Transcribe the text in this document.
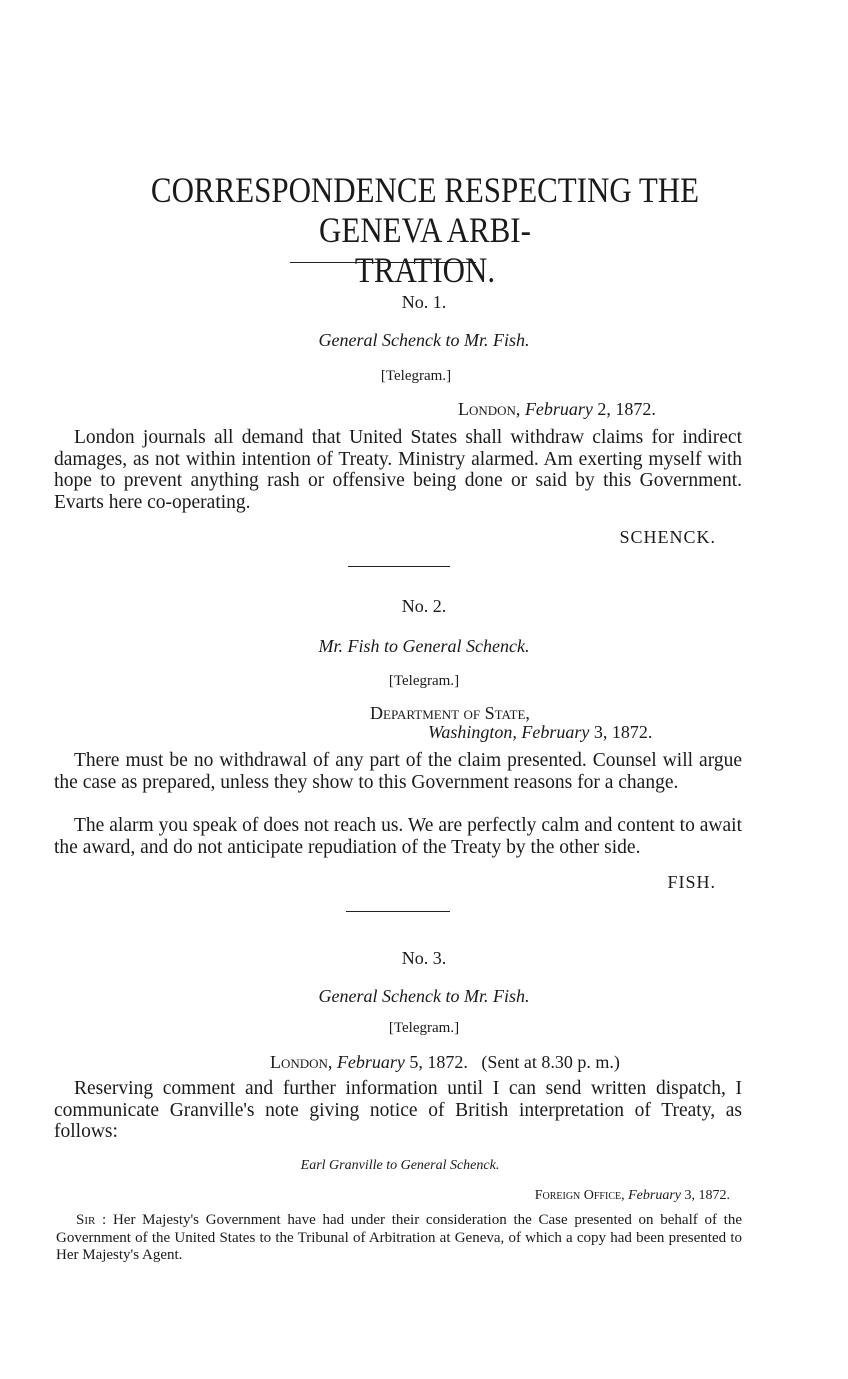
CORRESPONDENCE RESPECTING THE GENEVA ARBI-
TRATION.
No. 1.
General Schenck to Mr. Fish.
[Telegram.]
London, February 2, 1872.
London journals all demand that United States shall withdraw claims for indirect damages, as not within intention of Treaty. Ministry alarmed. Am exerting myself with hope to prevent anything rash or offensive being done or said by this Government. Evarts here co-operating.
SCHENCK.
No. 2.
Mr. Fish to General Schenck.
[Telegram.]
Department of State,
Washington, February 3, 1872.
There must be no withdrawal of any part of the claim presented. Counsel will argue the case as prepared, unless they show to this Government reasons for a change.
The alarm you speak of does not reach us. We are perfectly calm and content to await the award, and do not anticipate repudiation of the Treaty by the other side.
FISH.
No. 3.
General Schenck to Mr. Fish.
[Telegram.]
London, February 5, 1872. (Sent at 8.30 p. m.)
Reserving comment and further information until I can send written dispatch, I communicate Granville's note giving notice of British interpretation of Treaty, as follows:
Earl Granville to General Schenck.
Foreign Office, February 3, 1872.
Sir : Her Majesty's Government have had under their consideration the Case presented on behalf of the Government of the United States to the Tribunal of Arbitration at Geneva, of which a copy had been presented to Her Majesty's Agent.
